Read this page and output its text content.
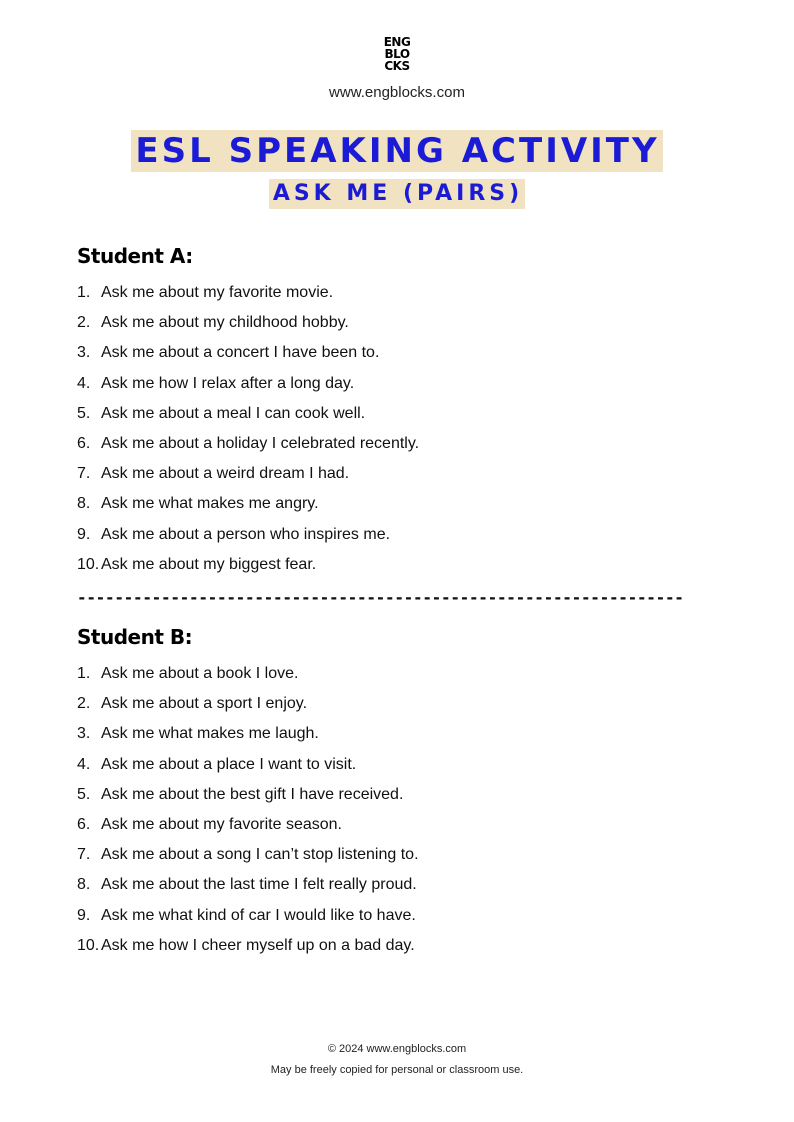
ENG
BLO
CKS
www.engblocks.com
ESL SPEAKING ACTIVITY
ASK ME (PAIRS)
Student A:
1. Ask me about my favorite movie.
2. Ask me about my childhood hobby.
3. Ask me about a concert I have been to.
4. Ask me how I relax after a long day.
5. Ask me about a meal I can cook well.
6. Ask me about a holiday I celebrated recently.
7. Ask me about a weird dream I had.
8. Ask me what makes me angry.
9. Ask me about a person who inspires me.
10. Ask me about my biggest fear.
-----------------------------------------------------------------
Student B:
1. Ask me about a book I love.
2. Ask me about a sport I enjoy.
3. Ask me what makes me laugh.
4. Ask me about a place I want to visit.
5. Ask me about the best gift I have received.
6. Ask me about my favorite season.
7. Ask me about a song I can’t stop listening to.
8. Ask me about the last time I felt really proud.
9. Ask me what kind of car I would like to have.
10. Ask me how I cheer myself up on a bad day.
© 2024 www.engblocks.com
May be freely copied for personal or classroom use.
